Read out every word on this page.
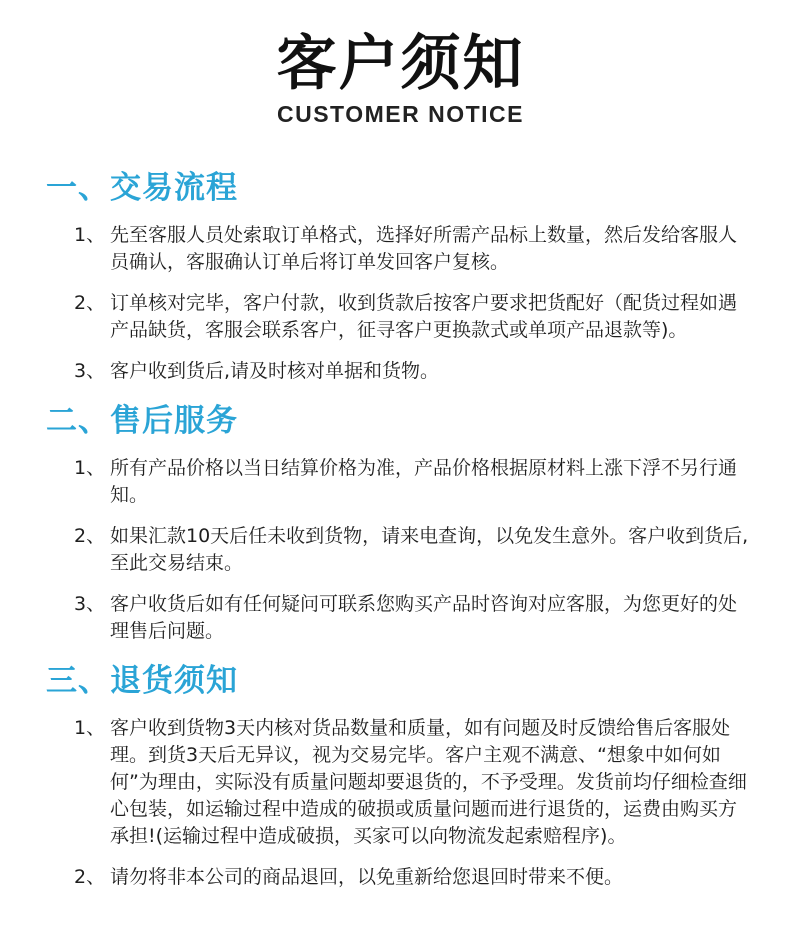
客户须知
CUSTOMER NOTICE
一、交易流程
1、 先至客服人员处索取订单格式，选择好所需产品标上数量，然后发给客服人员确认，客服确认订单后将订单发回客户复核。
2、 订单核对完毕，客户付款，收到货款后按客户要求把货配好（配货过程如遇产品缺货，客服会联系客户，征寻客户更换款式或单项产品退款等)。
3、 客户收到货后,请及时核对单据和货物。
二、售后服务
1、 所有产品价格以当日结算价格为准，产品价格根据原材料上涨下浮不另行通知。
2、 如果汇款10天后任未收到货物，请来电查询，以免发生意外。客户收到货后,至此交易结束。
3、 客户收货后如有任何疑问可联系您购买产品时咨询对应客服，为您更好的处理售后问题。
三、退货须知
1、 客户收到货物3天内核对货品数量和质量，如有问题及时反馈给售后客服处理。到货3天后无异议，视为交易完毕。客户主观不满意、“想象中如何如何”为理由，实际没有质量问题却要退货的，不予受理。发货前均仔细检查细心包装，如运输过程中造成的破损或质量问题而进行退货的，运费由购买方承担!(运输过程中造成破损，买家可以向物流发起索赔程序)。
2、 请勿将非本公司的商品退回，以免重新给您退回时带来不便。
